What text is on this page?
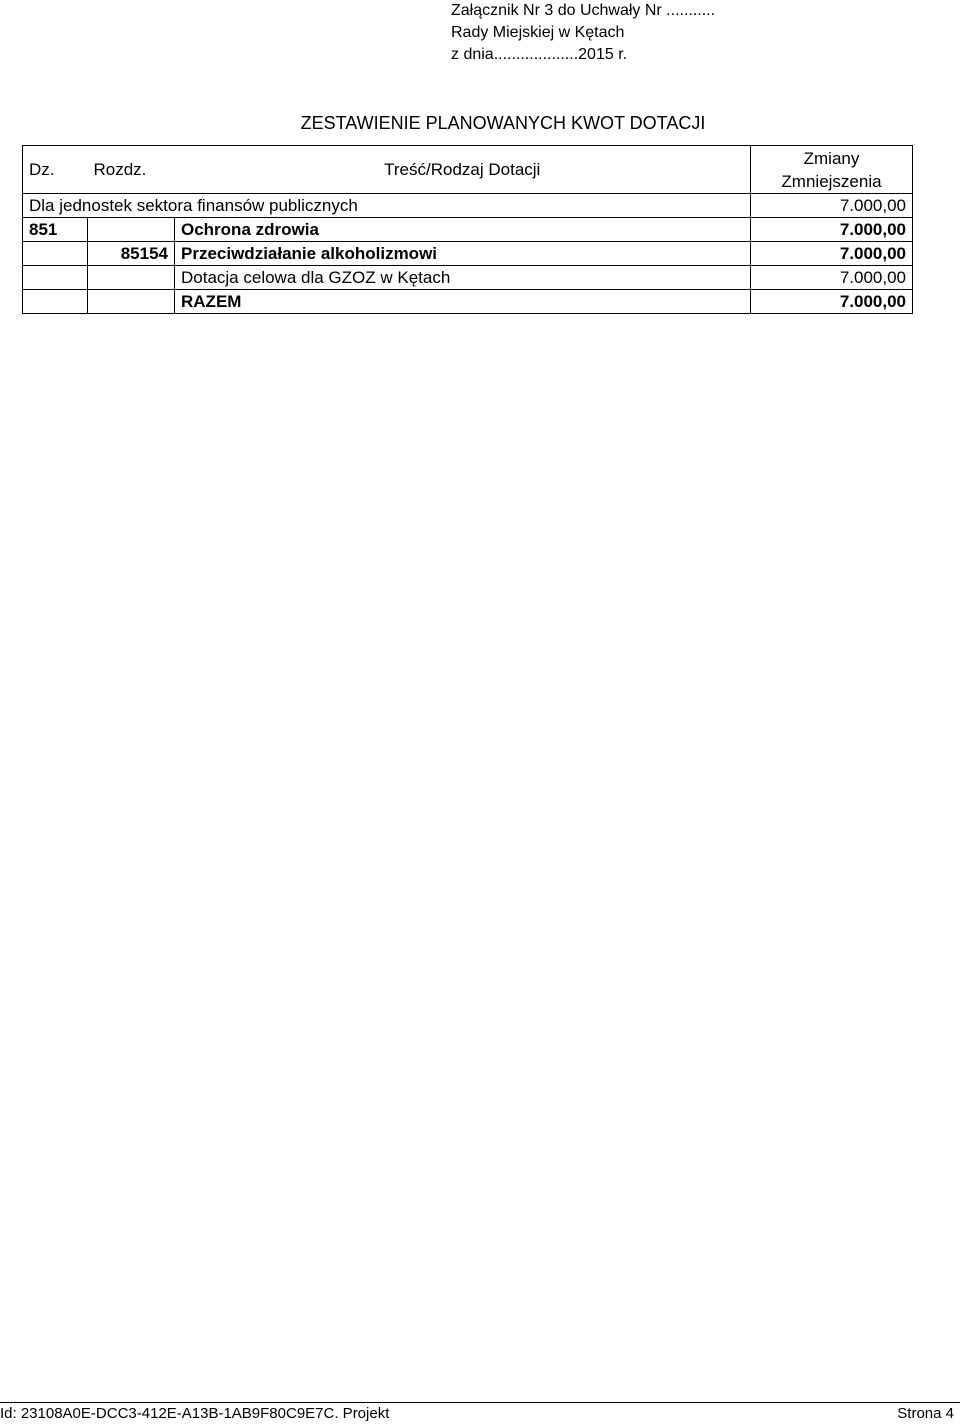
Załącznik Nr 3 do Uchwały Nr ...........
Rady Miejskiej w Kętach
z dnia...................2015 r.
ZESTAWIENIE PLANOWANYCH KWOT DOTACJI
Dz.	Rozdz.	Treść/Rodzaj Dotacji	Zmiany
Zmniejszenia

Dla jednostek sektora finansów publicznych			7.000,00
851		Ochrona zdrowia	7.000,00
	85154	Przeciwdziałanie alkoholizmowi	7.000,00
		Dotacja celowa dla GZOZ w Kętach	7.000,00
		RAZEM	7.000,00
Id: 23108A0E-DCC3-412E-A13B-1AB9F80C9E7C. Projekt	Strona 4
